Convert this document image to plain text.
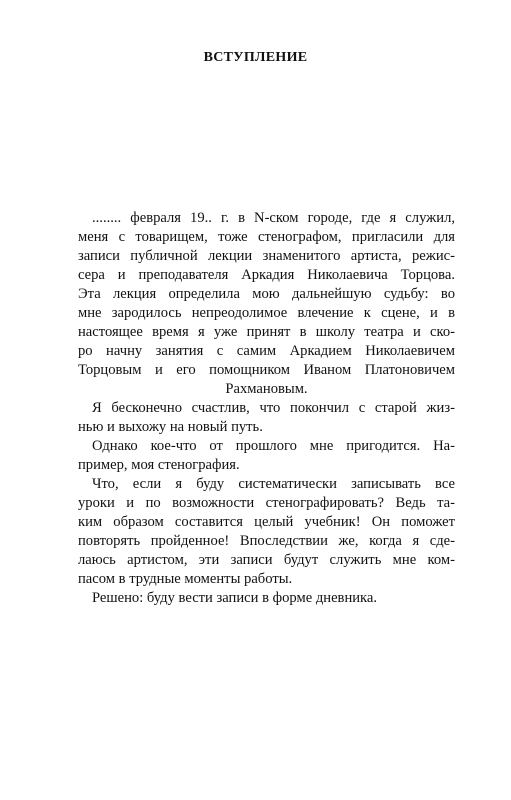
ВСТУПЛЕНИЕ
........ февраля 19.. г. в N-ском городе, где я служил,
меня с товарищем, тоже стенографом, пригласили для
записи публичной лекции знаменитого артиста, режис-
сера и преподавателя Аркадия Николаевича Торцова.
Эта лекция определила мою дальнейшую судьбу: во
мне зародилось непреодолимое влечение к сцене, и в
настоящее время я уже принят в школу театра и ско-
ро начну занятия с самим Аркадием Николаевичем
Торцовым и его помощником Иваном Платоновичем
Рахмановым.
Я бесконечно счастлив, что покончил с старой жиз-
нью и выхожу на новый путь.
Однако кое-что от прошлого мне пригодится. На-
пример, моя стенография.
Что, если я буду систематически записывать все
уроки и по возможности стенографировать? Ведь та-
ким образом составится целый учебник! Он поможет
повторять пройденное! Впоследствии же, когда я сде-
лаюсь артистом, эти записи будут служить мне ком-
пасом в трудные моменты работы.
Решено: буду вести записи в форме дневника.
